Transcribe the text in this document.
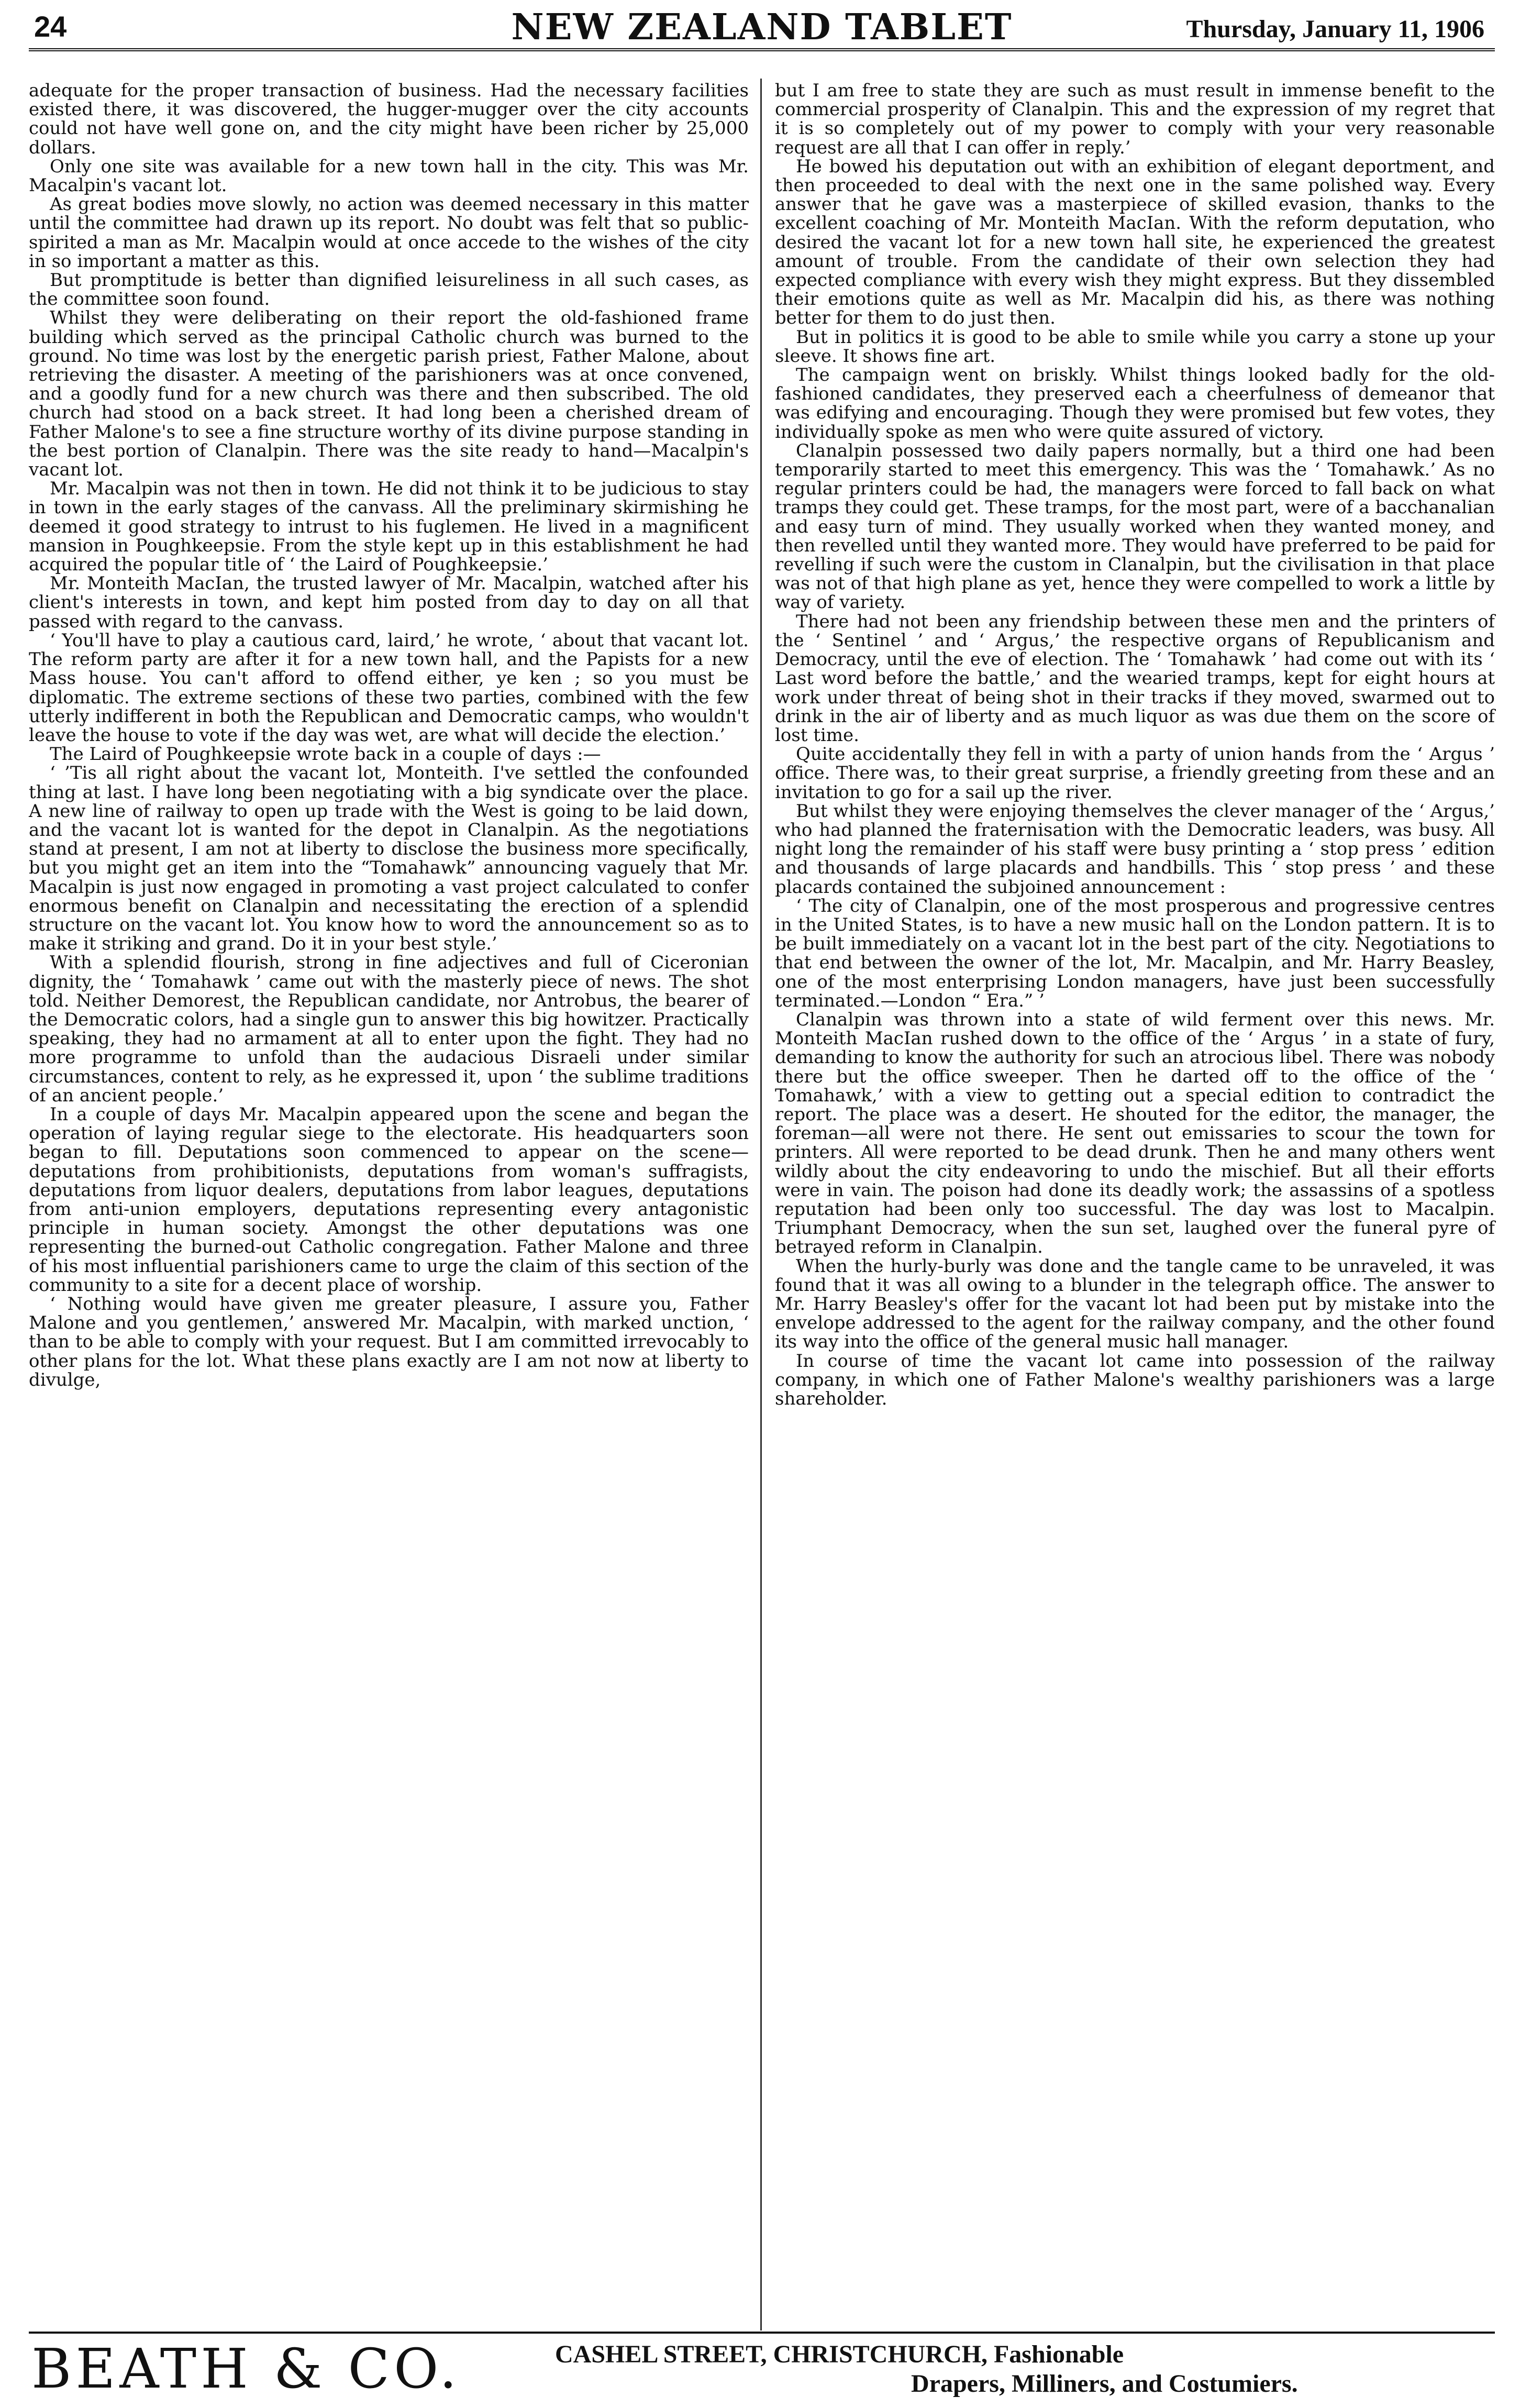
24	NEW ZEALAND TABLET	Thursday, January 11, 1906

adequate for the proper transaction of business. Had the necessary facilities existed there, it was discovered, the hugger-mugger over the city accounts could not have well gone on, and the city might have been richer by 25,000 dollars.

Only one site was available for a new town hall in the city. This was Mr. Macalpin's vacant lot.

As great bodies move slowly, no action was deemed necessary in this matter until the committee had drawn up its report. No doubt was felt that so public-spirited a man as Mr. Macalpin would at once accede to the wishes of the city in so important a matter as this.

But promptitude is better than dignified leisureliness in all such cases, as the committee soon found.

Whilst they were deliberating on their report the old-fashioned frame building which served as the principal Catholic church was burned to the ground. No time was lost by the energetic parish priest, Father Malone, about retrieving the disaster. A meeting of the parishioners was at once convened, and a goodly fund for a new church was there and then subscribed. The old church had stood on a back street. It had long been a cherished dream of Father Malone's to see a fine structure worthy of its divine purpose standing in the best portion of Clanalpin. There was the site ready to hand—Macalpin's vacant lot.

Mr. Macalpin was not then in town. He did not think it to be judicious to stay in town in the early stages of the canvass. All the preliminary skirmishing he deemed it good strategy to intrust to his fuglemen. He lived in a magnificent mansion in Poughkeepsie. From the style kept up in this establishment he had acquired the popular title of ‘ the Laird of Poughkeepsie.’

Mr. Monteith MacIan, the trusted lawyer of Mr. Macalpin, watched after his client's interests in town, and kept him posted from day to day on all that passed with regard to the canvass.

‘ You'll have to play a cautious card, laird,’ he wrote, ‘ about that vacant lot. The reform party are after it for a new town hall, and the Papists for a new Mass house. You can't afford to offend either, ye ken ; so you must be diplomatic. The extreme sections of these two parties, combined with the few utterly indifferent in both the Republican and Democratic camps, who wouldn't leave the house to vote if the day was wet, are what will decide the election.’

The Laird of Poughkeepsie wrote back in a couple of days :—

‘ ’Tis all right about the vacant lot, Monteith. I've settled the confounded thing at last. I have long been negotiating with a big syndicate over the place. A new line of railway to open up trade with the West is going to be laid down, and the vacant lot is wanted for the depot in Clanalpin. As the negotiations stand at present, I am not at liberty to disclose the business more specifically, but you might get an item into the “Tomahawk” announcing vaguely that Mr. Macalpin is just now engaged in promoting a vast project calculated to confer enormous benefit on Clanalpin and necessitating the erection of a splendid structure on the vacant lot. You know how to word the announcement so as to make it striking and grand. Do it in your best style.’

With a splendid flourish, strong in fine adjectives and full of Ciceronian dignity, the ‘ Tomahawk ’ came out with the masterly piece of news. The shot told. Neither Demorest, the Republican candidate, nor Antrobus, the bearer of the Democratic colors, had a single gun to answer this big howitzer. Practically speaking, they had no armament at all to enter upon the fight. They had no more programme to unfold than the audacious Disraeli under similar circumstances, content to rely, as he expressed it, upon ‘ the sublime traditions of an ancient people.’

In a couple of days Mr. Macalpin appeared upon the scene and began the operation of laying regular siege to the electorate. His headquarters soon began to fill. Deputations soon commenced to appear on the scene—deputations from prohibitionists, deputations from woman's suffragists, deputations from liquor dealers, deputations from labor leagues, deputations from anti-union employers, deputations representing every antagonistic principle in human society. Amongst the other deputations was one representing the burned-out Catholic congregation. Father Malone and three of his most influential parishioners came to urge the claim of this section of the community to a site for a decent place of worship.

‘ Nothing would have given me greater pleasure, I assure you, Father Malone and you gentlemen,’ answered Mr. Macalpin, with marked unction, ‘ than to be able to comply with your request. But I am committed irrevocably to other plans for the lot. What these plans exactly are I am not now at liberty to divulge,

but I am free to state they are such as must result in immense benefit to the commercial prosperity of Clanalpin. This and the expression of my regret that it is so completely out of my power to comply with your very reasonable request are all that I can offer in reply.’

He bowed his deputation out with an exhibition of elegant deportment, and then proceeded to deal with the next one in the same polished way. Every answer that he gave was a masterpiece of skilled evasion, thanks to the excellent coaching of Mr. Monteith MacIan. With the reform deputation, who desired the vacant lot for a new town hall site, he experienced the greatest amount of trouble. From the candidate of their own selection they had expected compliance with every wish they might express. But they dissembled their emotions quite as well as Mr. Macalpin did his, as there was nothing better for them to do just then.

But in politics it is good to be able to smile while you carry a stone up your sleeve. It shows fine art.

The campaign went on briskly. Whilst things looked badly for the old-fashioned candidates, they preserved each a cheerfulness of demeanor that was edifying and encouraging. Though they were promised but few votes, they individually spoke as men who were quite assured of victory.

Clanalpin possessed two daily papers normally, but a third one had been temporarily started to meet this emergency. This was the ‘ Tomahawk.’ As no regular printers could be had, the managers were forced to fall back on what tramps they could get. These tramps, for the most part, were of a bacchanalian and easy turn of mind. They usually worked when they wanted money, and then revelled until they wanted more. They would have preferred to be paid for revelling if such were the custom in Clanalpin, but the civilisation in that place was not of that high plane as yet, hence they were compelled to work a little by way of variety.

There had not been any friendship between these men and the printers of the ‘ Sentinel ’ and ‘ Argus,’ the respective organs of Republicanism and Democracy, until the eve of election. The ‘ Tomahawk ’ had come out with its ‘ Last word before the battle,’ and the wearied tramps, kept for eight hours at work under threat of being shot in their tracks if they moved, swarmed out to drink in the air of liberty and as much liquor as was due them on the score of lost time.

Quite accidentally they fell in with a party of union hands from the ‘ Argus ’ office. There was, to their great surprise, a friendly greeting from these and an invitation to go for a sail up the river.

But whilst they were enjoying themselves the clever manager of the ‘ Argus,’ who had planned the fraternisation with the Democratic leaders, was busy. All night long the remainder of his staff were busy printing a ‘ stop press ’ edition and thousands of large placards and handbills. This ‘ stop press ’ and these placards contained the subjoined announcement :

‘ The city of Clanalpin, one of the most prosperous and progressive centres in the United States, is to have a new music hall on the London pattern. It is to be built immediately on a vacant lot in the best part of the city. Negotiations to that end between the owner of the lot, Mr. Macalpin, and Mr. Harry Beasley, one of the most enterprising London managers, have just been successfully terminated.—London “ Era.” ’

Clanalpin was thrown into a state of wild ferment over this news. Mr. Monteith MacIan rushed down to the office of the ‘ Argus ’ in a state of fury, demanding to know the authority for such an atrocious libel. There was nobody there but the office sweeper. Then he darted off to the office of the ‘ Tomahawk,’ with a view to getting out a special edition to contradict the report. The place was a desert. He shouted for the editor, the manager, the foreman—all were not there. He sent out emissaries to scour the town for printers. All were reported to be dead drunk. Then he and many others went wildly about the city endeavoring to undo the mischief. But all their efforts were in vain. The poison had done its deadly work; the assassins of a spotless reputation had been only too successful. The day was lost to Macalpin. Triumphant Democracy, when the sun set, laughed over the funeral pyre of betrayed reform in Clanalpin.

When the hurly-burly was done and the tangle came to be unraveled, it was found that it was all owing to a blunder in the telegraph office. The answer to Mr. Harry Beasley's offer for the vacant lot had been put by mistake into the envelope addressed to the agent for the railway company, and the other found its way into the office of the general music hall manager.

In course of time the vacant lot came into possession of the railway company, in which one of Father Malone's wealthy parishioners was a large shareholder.

BEATH & CO.	CASHEL STREET, CHRISTCHURCH, Fashionable
Drapers, Milliners, and Costumiers.
